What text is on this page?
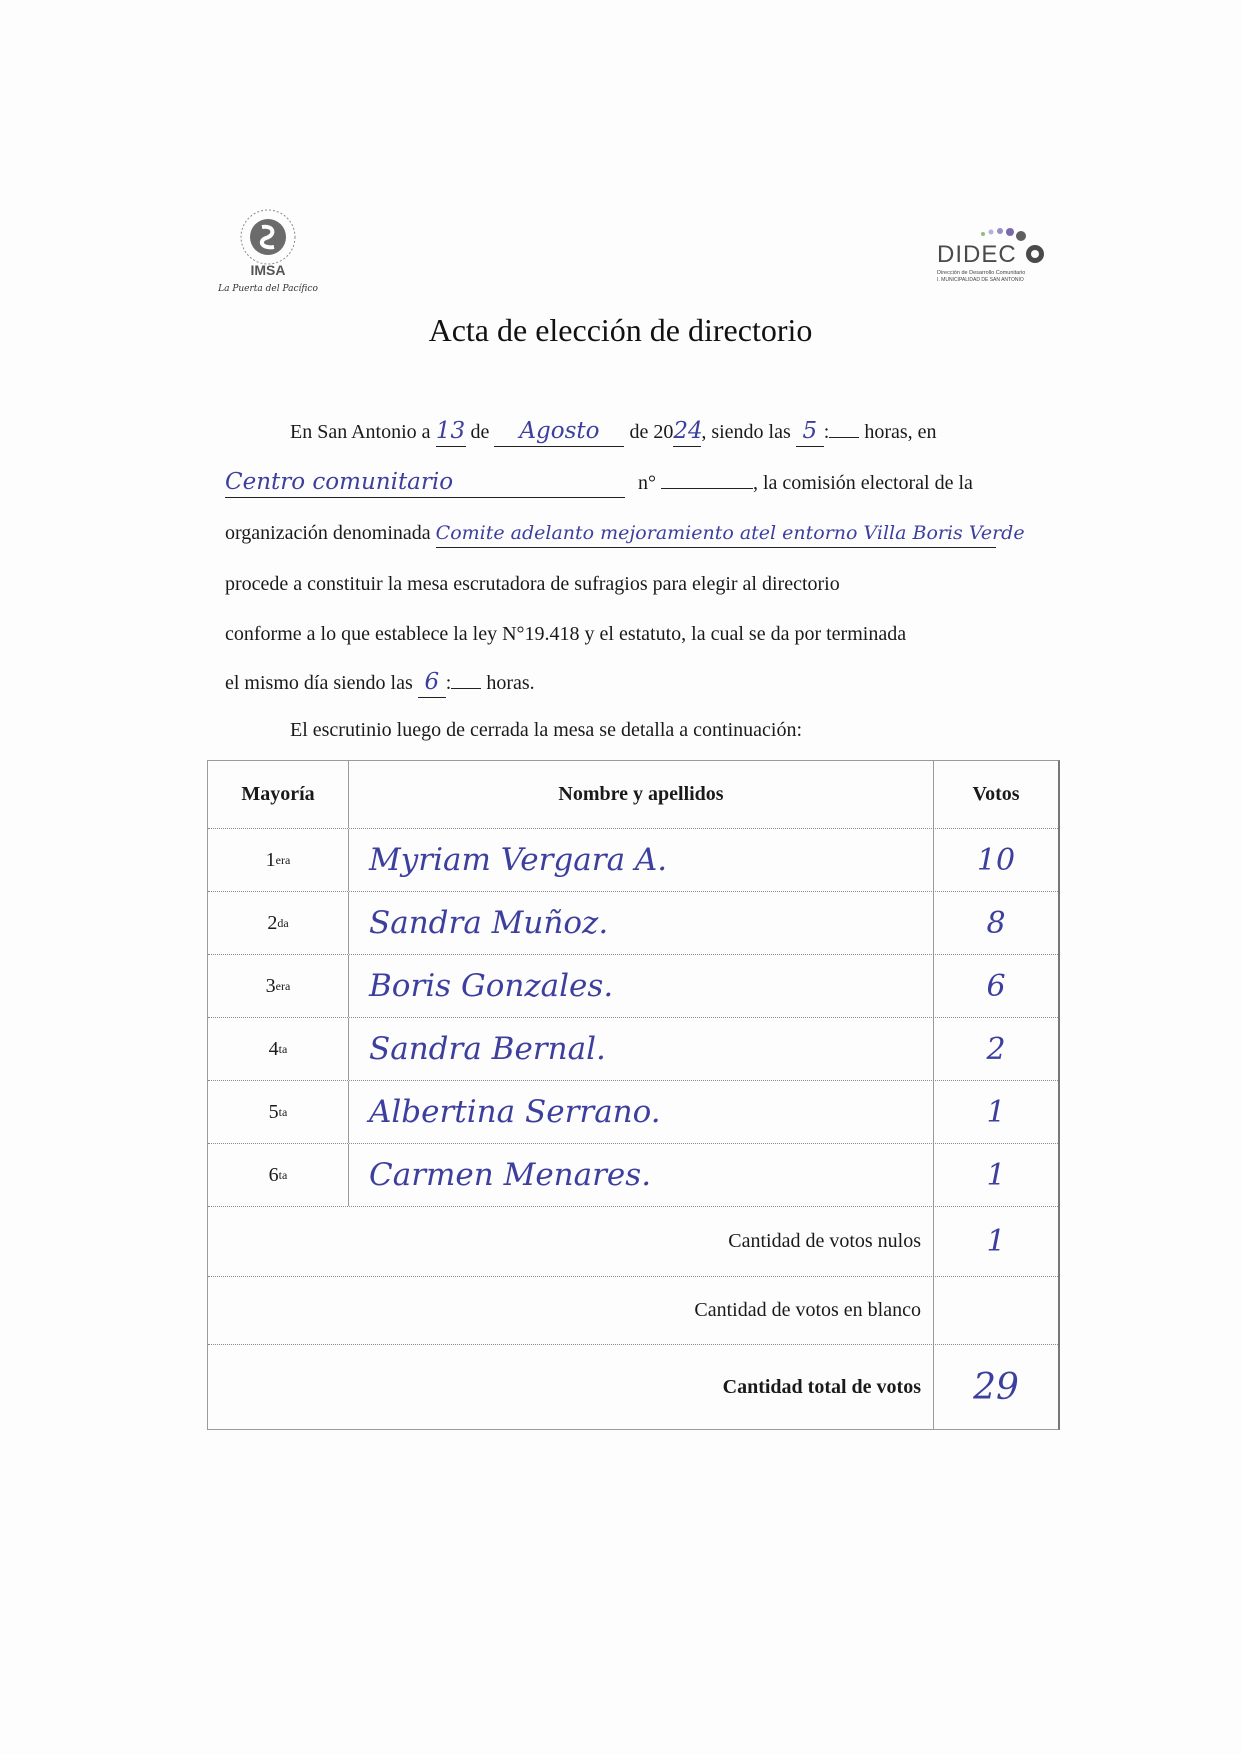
IMSA
La Puerta del Pacífico
DIDEC
Dirección de Desarrollo Comunitario
I. MUNICIPALIDAD DE SAN ANTONIO
Acta de elección de directorio
En San Antonio a 13 de Agosto de 2024, siendo las 5 : horas, en
Centro comunitario	n°	, la comisión electoral de la
organización denominada Comite adelanto mejoramiento atel entorno Villa Boris Verde
procede a constituir la mesa escrutadora de sufragios para elegir al directorio
conforme a lo que establece la ley N°19.418 y el estatuto, la cual se da por terminada
el mismo día siendo las 6 : horas.
El escrutinio luego de cerrada la mesa se detalla a continuación:
Mayoría	Nombre y apellidos	Votos
1 era	Myriam Vergara A.	10
2 da	Sandra Muñoz.	8
3 era	Boris Gonzales.	6
4 ta	Sandra Bernal.	2
5 ta	Albertina Serrano.	1
6 ta	Carmen Menares.	1
Cantidad de votos nulos	1
Cantidad de votos en blanco
Cantidad total de votos	29
